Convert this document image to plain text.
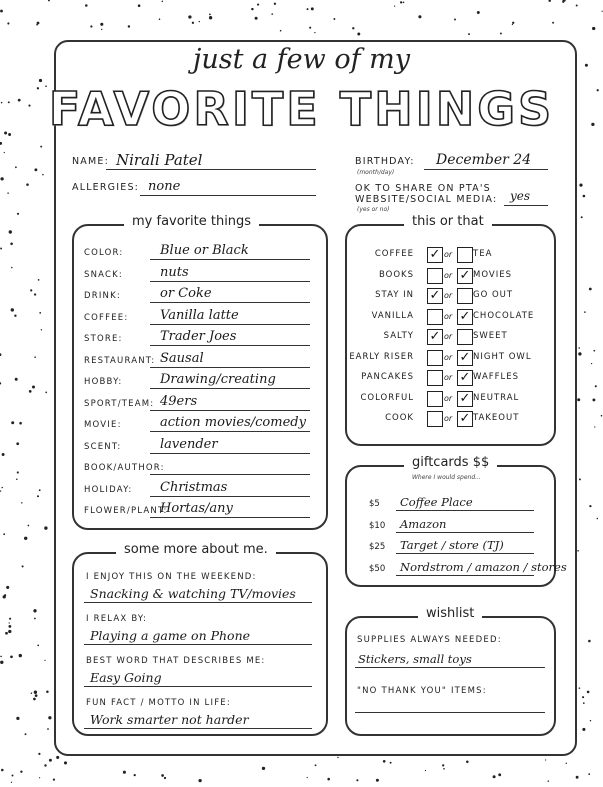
just a few of my
FAVORITE THINGS
NAME: Nirali Patel
ALLERGIES: none
BIRTHDAY:
(month/day)
December 24
OK TO SHARE ON PTA'S
WEBSITE/SOCIAL MEDIA:
(yes or no)
yes
my favorite things
COLOR:	Blue or Black
SNACK:	nuts
DRINK:	or Coke
COFFEE: Vanilla latte
STORE:	Trader Joes
RESTAURANT: Sausal
HOBBY:	Drawing/creating
SPORT/TEAM: 49ers
MOVIE:	action movies/comedy
SCENT:	lavender
BOOK/AUTHOR:
HOLIDAY: Christmas
FLOWER/PLANT:
Hortas/any
this or that
COFFEE ✓ or TEA
BOOKS	or ✓ MOVIES
STAY IN ✓ or GO OUT
VANILLA	or ✓ CHOCOLATE
SALTY ✓ or SWEET
EARLY RISER	or ✓ NIGHT OWL
PANCAKES	or ✓ WAFFLES
COLORFUL	or ✓ NEUTRAL
COOK	or ✓ TAKEOUT
giftcards $$
Where I would spend...
$5 Coffee Place
$10 Amazon
$25 Target / store (TJ)
$50 Nordstrom / amazon / stores
some more about me.
I ENJOY THIS ON THE WEEKEND:
Snacking & watching TV/movies
I RELAX BY:
Playing a game on Phone
BEST WORD THAT DESCRIBES ME:
Easy Going
FUN FACT / MOTTO IN LIFE:
Work smarter not harder
wishlist
SUPPLIES ALWAYS NEEDED:
Stickers, small toys
"NO THANK YOU" ITEMS:
